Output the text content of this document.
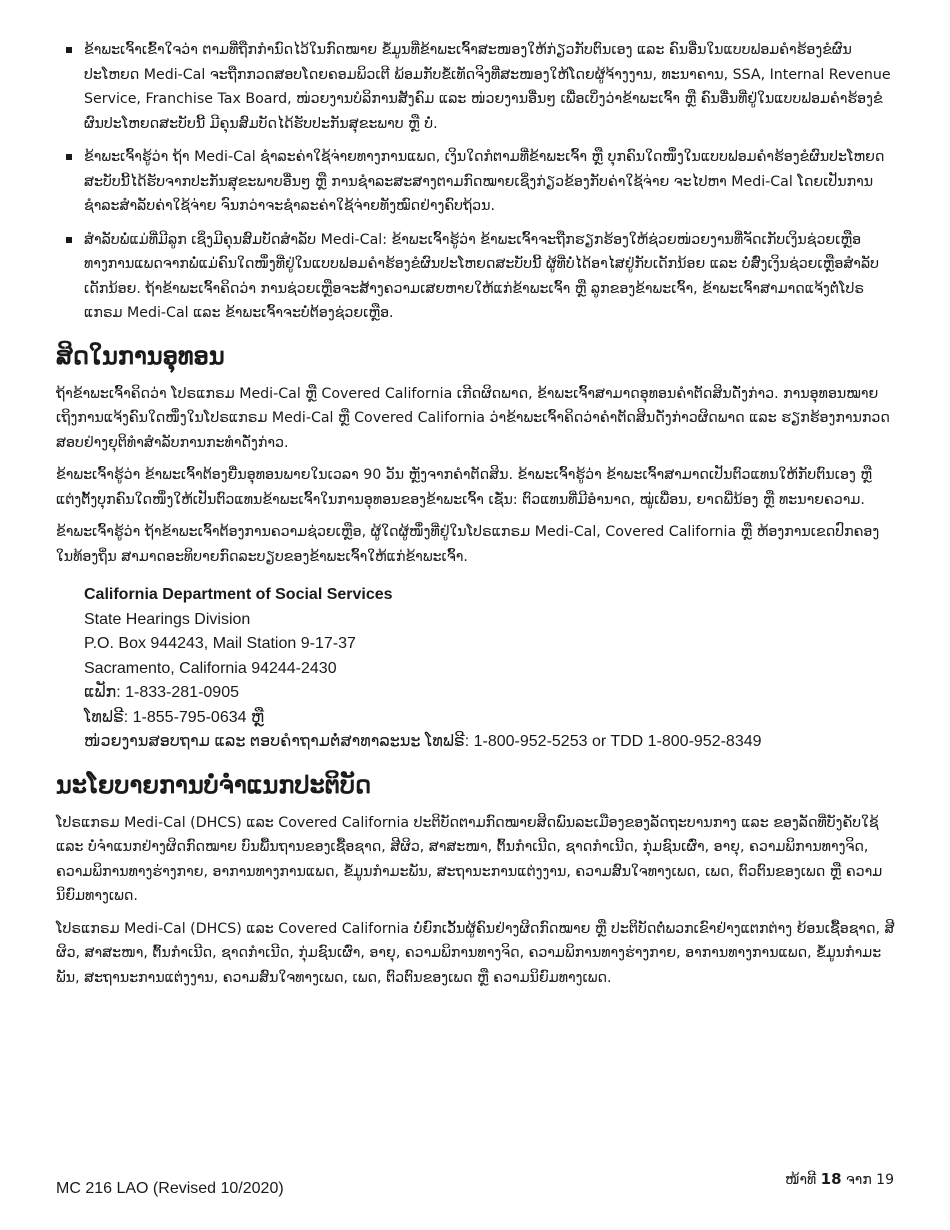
ຂ້າພະເຈົ້າເຂົ້າໃຈວ່າ ຕາມທີ່ຖືກກຳນົດໄວ້ໃນກົດໝາຍ ຂໍ້ມູນທີ່ຂ້າພະເຈົ້າສະໜອງໃຫ້ກ່ຽວກັບຕົນເອງ ແລະ ຄົນອື່ນໃນແບບຟອມຄຳຮ້ອງຂໍຜົນປະໂຫຍດ Medi-Cal ຈະຖືກກວດສອບໂດຍຄອມພິວເຕີ ພ້ອມກັບຂໍ້ເທັດຈິງທີ່ສະໜອງໃຫ້ໂດຍຜູ້ຈ້າງງານ, ທະນາຄານ, SSA, Internal Revenue Service, Franchise Tax Board, ໜ່ວຍງານບໍລິການສັງຄົມ ແລະ ໜ່ວຍງານອື່ນໆ ເພື່ອເບິ່ງວ່າຂ້າພະເຈົ້າ ຫຼື ຄົນອື່ນທີ່ຢູ່ໃນແບບຟອມຄຳຮ້ອງຂໍຜົນປະໂຫຍດສະບັບນີ້ ມີຄຸນສົມບັດໄດ້ຮັບປະກັນສຸຂະພາບ ຫຼື ບໍ່.
ຂ້າພະເຈົ້າຮູ້ວ່າ ຖ້າ Medi-Cal ຊຳລະຄ່າໃຊ້ຈ່າຍທາງການແພດ, ເງິນໃດກໍຕາມທີ່ຂ້າພະເຈົ້າ ຫຼື ບຸກຄົນໃດໜຶ່ງໃນແບບຟອມຄຳຮ້ອງຂໍຜົນປະໂຫຍດສະບັບນີ້ໄດ້ຮັບຈາກປະກັນສຸຂະພາບອື່ນໆ ຫຼື ການຊຳລະສະສາງຕາມກົດໝາຍເຊິ່ງກ່ຽວຂ້ອງກັບຄ່າໃຊ້ຈ່າຍ ຈະໄປຫາ Medi-Cal ໂດຍເປັນການຊຳລະສຳລັບຄ່າໃຊ້ຈ່າຍ ຈົນກວ່າຈະຊຳລະຄ່າໃຊ້ຈ່າຍທັງໝົດຢ່າງຄົບຖ້ວນ.
ສຳລັບພໍ່ແມ່ທີ່ມີລູກ ເຊິ່ງມີຄຸນສົມບັດສຳລັບ Medi-Cal: ຂ້າພະເຈົ້າຮູ້ວ່າ ຂ້າພະເຈົ້າຈະຖືກຮຽກຮ້ອງໃຫ້ຊ່ວຍໜ່ວຍງານທີ່ຈັດເກັບເງິນຊ່ວຍເຫຼືອທາງການແພດຈາກພໍ່ແມ່ຄົນໃດໜຶ່ງທີ່ຢູ່ໃນແບບຟອມຄຳຮ້ອງຂໍຜົນປະໂຫຍດສະບັບນີ້ ຜູ້ທີ່ບໍ່ໄດ້ອາໄສຢູ່ກັບເດັກນ້ອຍ ແລະ ບໍ່ສົ່ງເງິນຊ່ວຍເຫຼືອສຳລັບເດັກນ້ອຍ. ຖ້າຂ້າພະເຈົ້າຄິດວ່າ ການຊ່ວຍເຫຼືອຈະສ້າງຄວາມເສຍຫາຍໃຫ້ແກ່ຂ້າພະເຈົ້າ ຫຼື ລູກຂອງຂ້າພະເຈົ້າ, ຂ້າພະເຈົ້າສາມາດແຈ້ງຕໍ່ໂປຣແກຣມ Medi-Cal ແລະ ຂ້າພະເຈົ້າຈະບໍ່ຕ້ອງຊ່ວຍເຫຼືອ.
ສິດໃນການອຸທອນ

ຖ້າຂ້າພະເຈົ້າຄິດວ່າ ໂປຣແກຣມ Medi-Cal ຫຼື Covered California ເກີດຜິດພາດ, ຂ້າພະເຈົ້າສາມາດອຸທອນຄຳຕັດສິນດັ່ງກ່າວ. ການອຸທອນໝາຍເຖິງການແຈ້ງຄົນໃດໜຶ່ງໃນໂປຣແກຣມ Medi-Cal ຫຼື Covered California ວ່າຂ້າພະເຈົ້າຄິດວ່າຄຳຕັດສິນດັ່ງກ່າວຜິດພາດ ແລະ ຮຽກຮ້ອງການກວດສອບຢ່າງຍຸຕິທຳສຳລັບການກະທຳດັ່ງກ່າວ.

ຂ້າພະເຈົ້າຮູ້ວ່າ ຂ້າພະເຈົ້າຕ້ອງຍື່ນອຸທອນພາຍໃນເວລາ 90 ວັນ ຫຼັງຈາກຄຳຕັດສິນ. ຂ້າພະເຈົ້າຮູ້ວ່າ ຂ້າພະເຈົ້າສາມາດເປັນຕົວແທນໃຫ້ກັບຕົນເອງ ຫຼື ແຕ່ງຕັ້ງບຸກຄົນໃດໜຶ່ງໃຫ້ເປັນຕົວແທນຂ້າພະເຈົ້າໃນການອຸທອນຂອງຂ້າພະເຈົ້າ ເຊັ່ນ: ຕົວແທນທີ່ມີອຳນາດ, ໝູ່ເພື່ອນ, ຍາດພີ່ນ້ອງ ຫຼື ທະນາຍຄວາມ.

ຂ້າພະເຈົ້າຮູ້ວ່າ ຖ້າຂ້າພະເຈົ້າຕ້ອງການຄວາມຊ່ວຍເຫຼືອ, ຜູ້ໃດຜູ້ໜຶ່ງທີ່ຢູ່ໃນໂປຣແກຣມ Medi-Cal, Covered California ຫຼື ຫ້ອງການເຂດປົກຄອງໃນທ້ອງຖິ່ນ ສາມາດອະທິບາຍກົດລະບຽບຂອງຂ້າພະເຈົ້າໃຫ້ແກ່ຂ້າພະເຈົ້າ.

California Department of Social Services
State Hearings Division
P.O. Box 944243, Mail Station 9-17-37
Sacramento, California 94244-2430
ແຟັກ: 1-833-281-0905
ໂທຟຣີ: 1-855-795-0634 ຫຼື
ໜ່ວຍງານສອບຖາມ ແລະ ຕອບຄຳຖາມຕໍ່ສາທາລະນະ ໂທຟຣີ: 1-800-952-5253 or TDD 1-800-952-8349
ນະໂຍບາຍການບໍ່ຈຳແນກປະຕິບັດ

ໂປຣແກຣມ Medi-Cal (DHCS) ແລະ Covered California ປະຕິບັດຕາມກົດໝາຍສິດພົນລະເມືອງຂອງລັດຖະບານກາງ ແລະ ຂອງລັດທີ່ບັງຄັບໃຊ້ ແລະ ບໍ່ຈຳແນກຢ່າງຜິດກົດໝາຍ ບົນພື້ນຖານຂອງເຊື້ອຊາດ, ສີຜິວ, ສາສະໜາ, ຕົ້ນກຳເນີດ, ຊາດກຳເນີດ, ກຸ່ມຊົນເຜົ່າ, ອາຍຸ, ຄວາມພິການທາງຈິດ, ຄວາມພິການທາງຮ່າງກາຍ, ອາການທາງການແພດ, ຂໍ້ມູນກຳມະພັນ, ສະຖານະການແຕ່ງງານ, ຄວາມສົນໃຈທາງເພດ, ເພດ, ຕົວຕົນຂອງເພດ ຫຼື ຄວາມນິຍົມທາງເພດ.

ໂປຣແກຣມ Medi-Cal (DHCS) ແລະ Covered California ບໍ່ຍົກເວັ້ນຜູ້ຄົນຢ່າງຜິດກົດໝາຍ ຫຼື ປະຕິບັດຕໍ່ພວກເຂົາຢ່າງແຕກຕ່າງ ຍ້ອນເຊື້ອຊາດ, ສີຜິວ, ສາສະໜາ, ຕົ້ນກຳເນີດ, ຊາດກຳເນີດ, ກຸ່ມຊົນເຜົ່າ, ອາຍຸ, ຄວາມພິການທາງຈິດ, ຄວາມພິການທາງຮ່າງກາຍ, ອາການທາງການແພດ, ຂໍ້ມູນກຳມະພັນ, ສະຖານະການແຕ່ງງານ, ຄວາມສົນໃຈທາງເພດ, ເພດ, ຕົວຕົນຂອງເພດ ຫຼື ຄວາມນິຍົມທາງເພດ.

MC 216 LAO (Revised 10/2020)	ໜ້າທີ 18 ຈາກ 19
